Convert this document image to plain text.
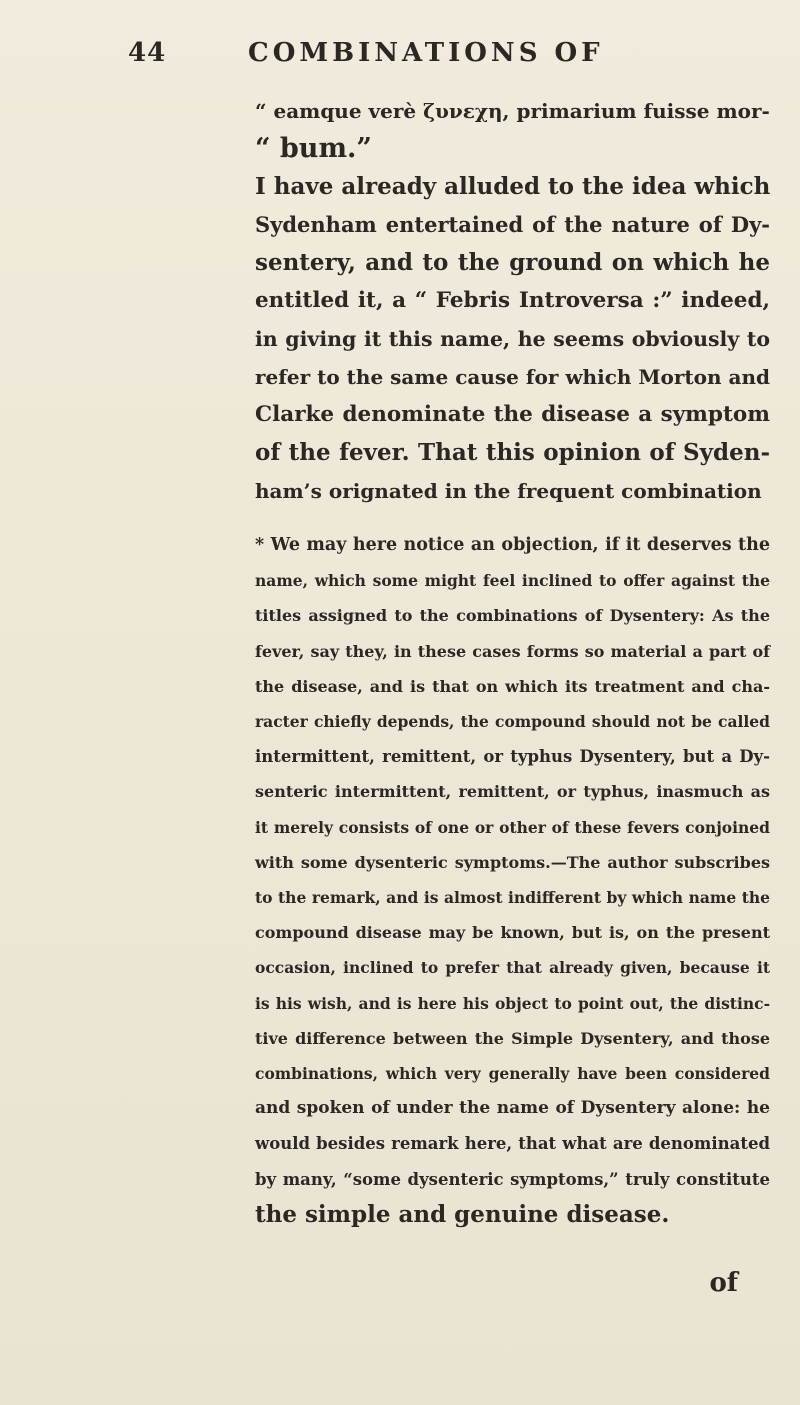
44	COMBINATIONS OF
“ eamque verè ζυνεχη, primarium fuisse mor-
“ bum.”
I have already alluded to the idea which
Sydenham entertained of the nature of Dy-
sentery, and to the ground on which he
entitled it, a “ Febris Introversa :” indeed,
in giving it this name, he seems obviously to
refer to the same cause for which Morton and
Clarke denominate the disease a symptom
of the fever. That this opinion of Syden-
ham’s orignated in the frequent combination
* We may here notice an objection, if it deserves the
name, which some might feel inclined to offer against the
titles assigned to the combinations of Dysentery: As the
fever, say they, in these cases forms so material a part of
the disease, and is that on which its treatment and cha-
racter chiefly depends, the compound should not be called
intermittent, remittent, or typhus Dysentery, but a Dy-
senteric intermittent, remittent, or typhus, inasmuch as
it merely consists of one or other of these fevers conjoined
with some dysenteric symptoms.—The author subscribes
to the remark, and is almost indifferent by which name the
compound disease may be known, but is, on the present
occasion, inclined to prefer that already given, because it
is his wish, and is here his object to point out, the distinc-
tive difference between the Simple Dysentery, and those
combinations, which very generally have been considered
and spoken of under the name of Dysentery alone: he
would besides remark here, that what are denominated
by many, “some dysenteric symptoms,” truly constitute
the simple and genuine disease.
of
